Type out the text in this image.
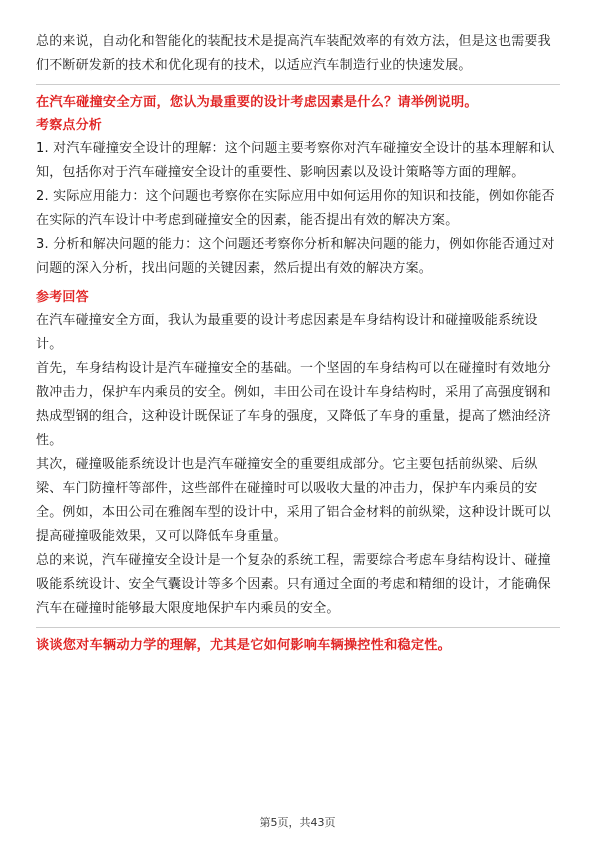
总的来说，自动化和智能化的装配技术是提高汽车装配效率的有效方法，但是这也需要我们不断研发新的技术和优化现有的技术，以适应汽车制造行业的快速发展。

在汽车碰撞安全方面，您认为最重要的设计考虑因素是什么？请举例说明。

考察点分析

1. 对汽车碰撞安全设计的理解：这个问题主要考察你对汽车碰撞安全设计的基本理解和认知，包括你对于汽车碰撞安全设计的重要性、影响因素以及设计策略等方面的理解。

2. 实际应用能力：这个问题也考察你在实际应用中如何运用你的知识和技能，例如你能否在实际的汽车设计中考虑到碰撞安全的因素，能否提出有效的解决方案。

3. 分析和解决问题的能力：这个问题还考察你分析和解决问题的能力，例如你能否通过对问题的深入分析，找出问题的关键因素，然后提出有效的解决方案。

参考回答

在汽车碰撞安全方面，我认为最重要的设计考虑因素是车身结构设计和碰撞吸能系统设计。

首先，车身结构设计是汽车碰撞安全的基础。一个坚固的车身结构可以在碰撞时有效地分散冲击力，保护车内乘员的安全。例如，丰田公司在设计车身结构时，采用了高强度钢和热成型钢的组合，这种设计既保证了车身的强度，又降低了车身的重量，提高了燃油经济性。

其次，碰撞吸能系统设计也是汽车碰撞安全的重要组成部分。它主要包括前纵梁、后纵梁、车门防撞杆等部件，这些部件在碰撞时可以吸收大量的冲击力，保护车内乘员的安全。例如，本田公司在雅阁车型的设计中，采用了铝合金材料的前纵梁，这种设计既可以提高碰撞吸能效果，又可以降低车身重量。

总的来说，汽车碰撞安全设计是一个复杂的系统工程，需要综合考虑车身结构设计、碰撞吸能系统设计、安全气囊设计等多个因素。只有通过全面的考虑和精细的设计，才能确保汽车在碰撞时能够最大限度地保护车内乘员的安全。

谈谈您对车辆动力学的理解，尤其是它如何影响车辆操控性和稳定性。

第5页，共43页
